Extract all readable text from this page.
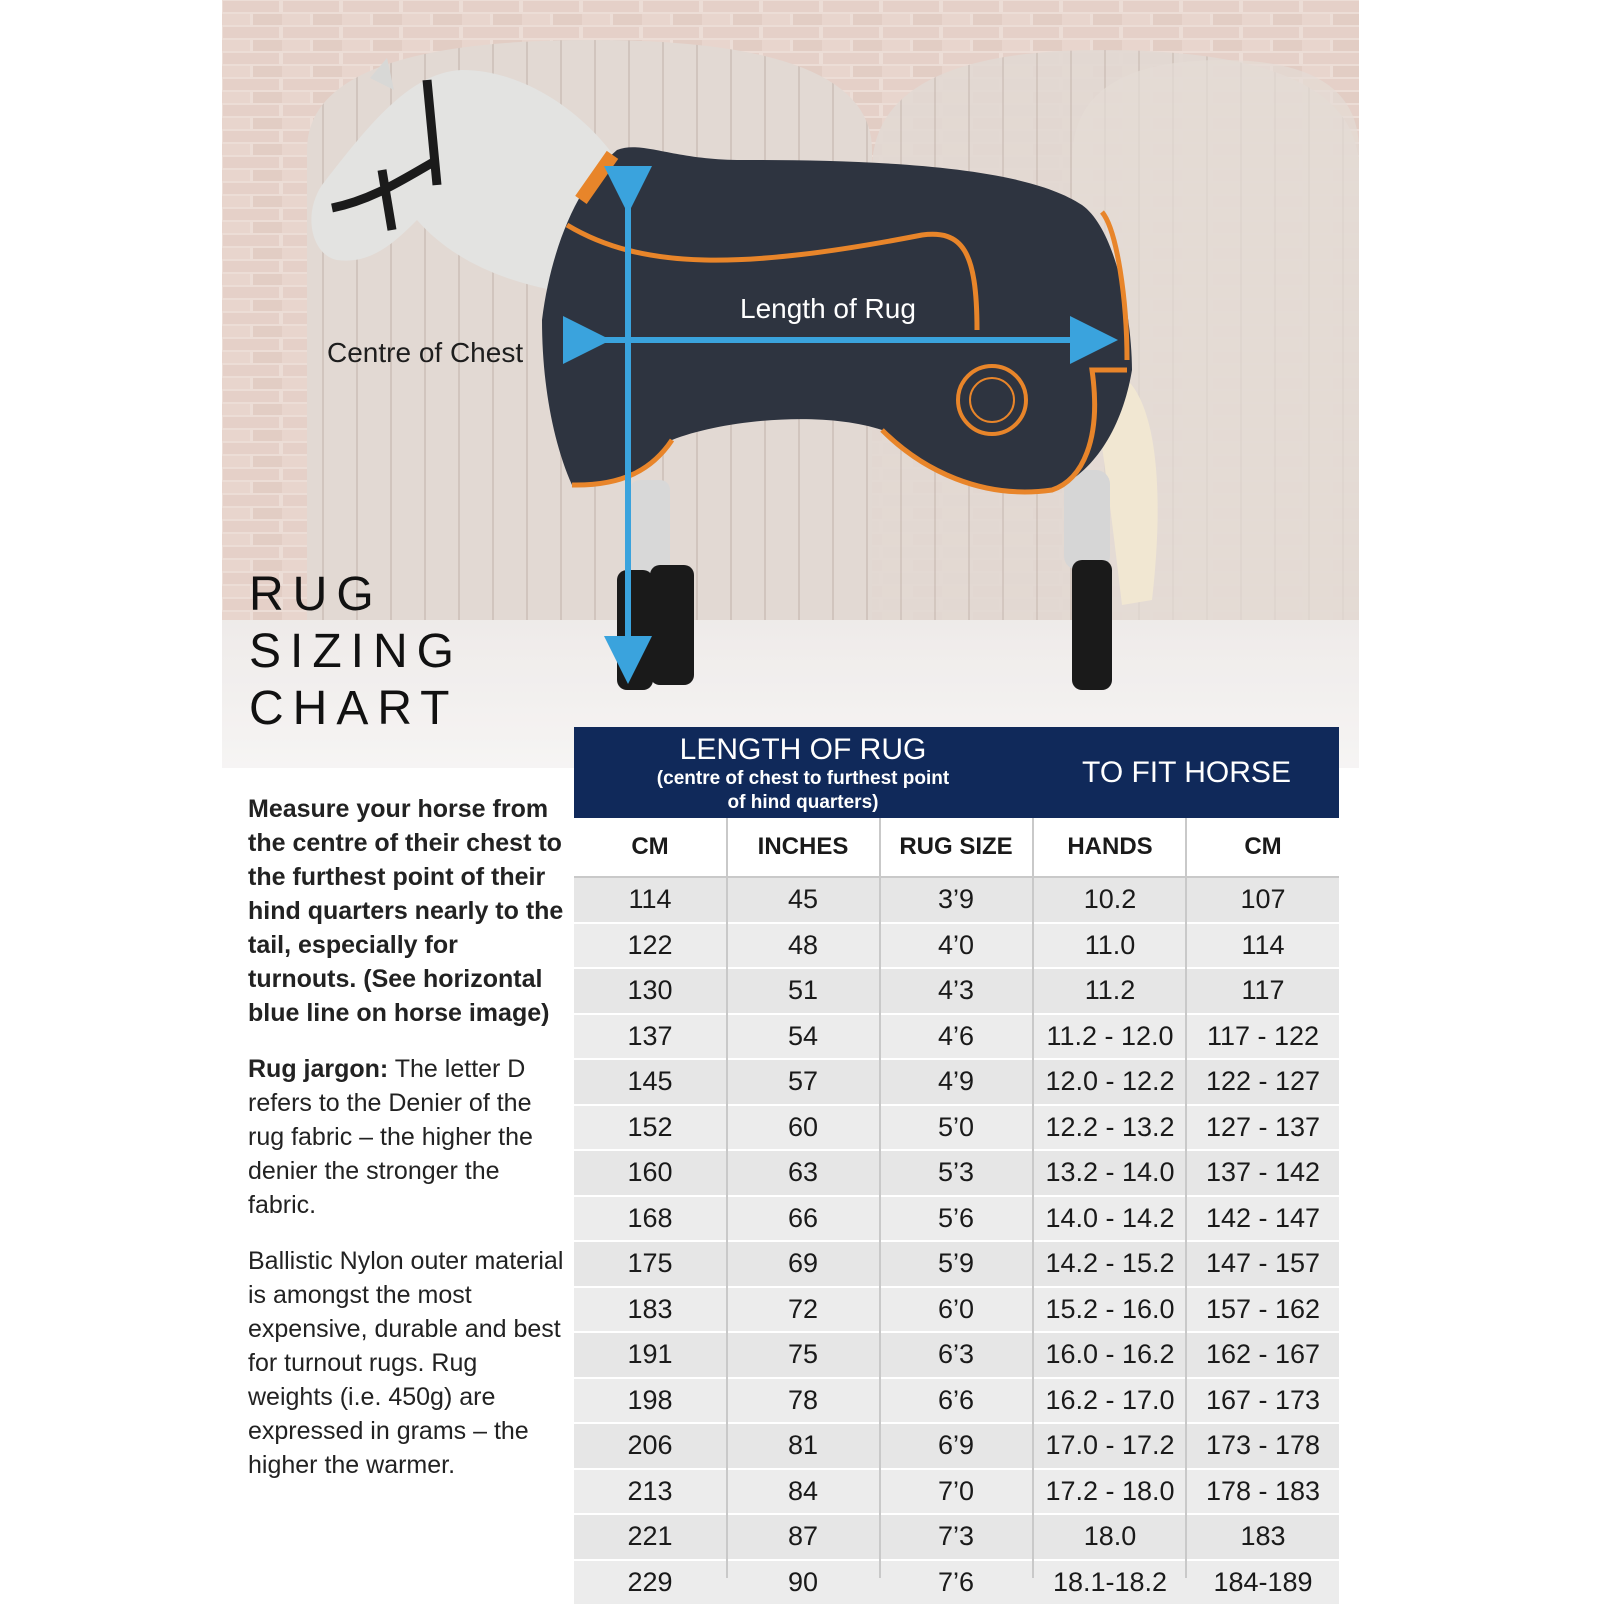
Centre of Chest
Length of Rug
RUG
SIZING
CHART

Measure your horse from the centre of their chest to the furthest point of their hind quarters nearly to the tail, especially for turnouts. (See horizontal blue line on horse image)

Rug jargon: The letter D refers to the Denier of the rug fabric – the higher the denier the stronger the fabric.

Ballistic Nylon outer material is amongst the most expensive, durable and best for turnout rugs. Rug weights (i.e. 450g) are expressed in grams – the higher the warmer.

LENGTH OF RUG
(centre of chest to furthest point
of hind quarters)
TO FIT HORSE
CM	INCHES	RUG SIZE	HANDS	CM
114	45	3’9	10.2	107
122	48	4’0	11.0	114
130	51	4’3	11.2	117
137	54	4’6	11.2 - 12.0	117 - 122
145	57	4’9	12.0 - 12.2	122 - 127
152	60	5’0	12.2 - 13.2	127 - 137
160	63	5’3	13.2 - 14.0	137 - 142
168	66	5’6	14.0 - 14.2	142 - 147
175	69	5’9	14.2 - 15.2	147 - 157
183	72	6’0	15.2 - 16.0	157 - 162
191	75	6’3	16.0 - 16.2	162 - 167
198	78	6’6	16.2 - 17.0	167 - 173
206	81	6’9	17.0 - 17.2	173 - 178
213	84	7’0	17.2 - 18.0	178 - 183
221	87	7’3	18.0	183
229	90	7’6	18.1-18.2	184-189
